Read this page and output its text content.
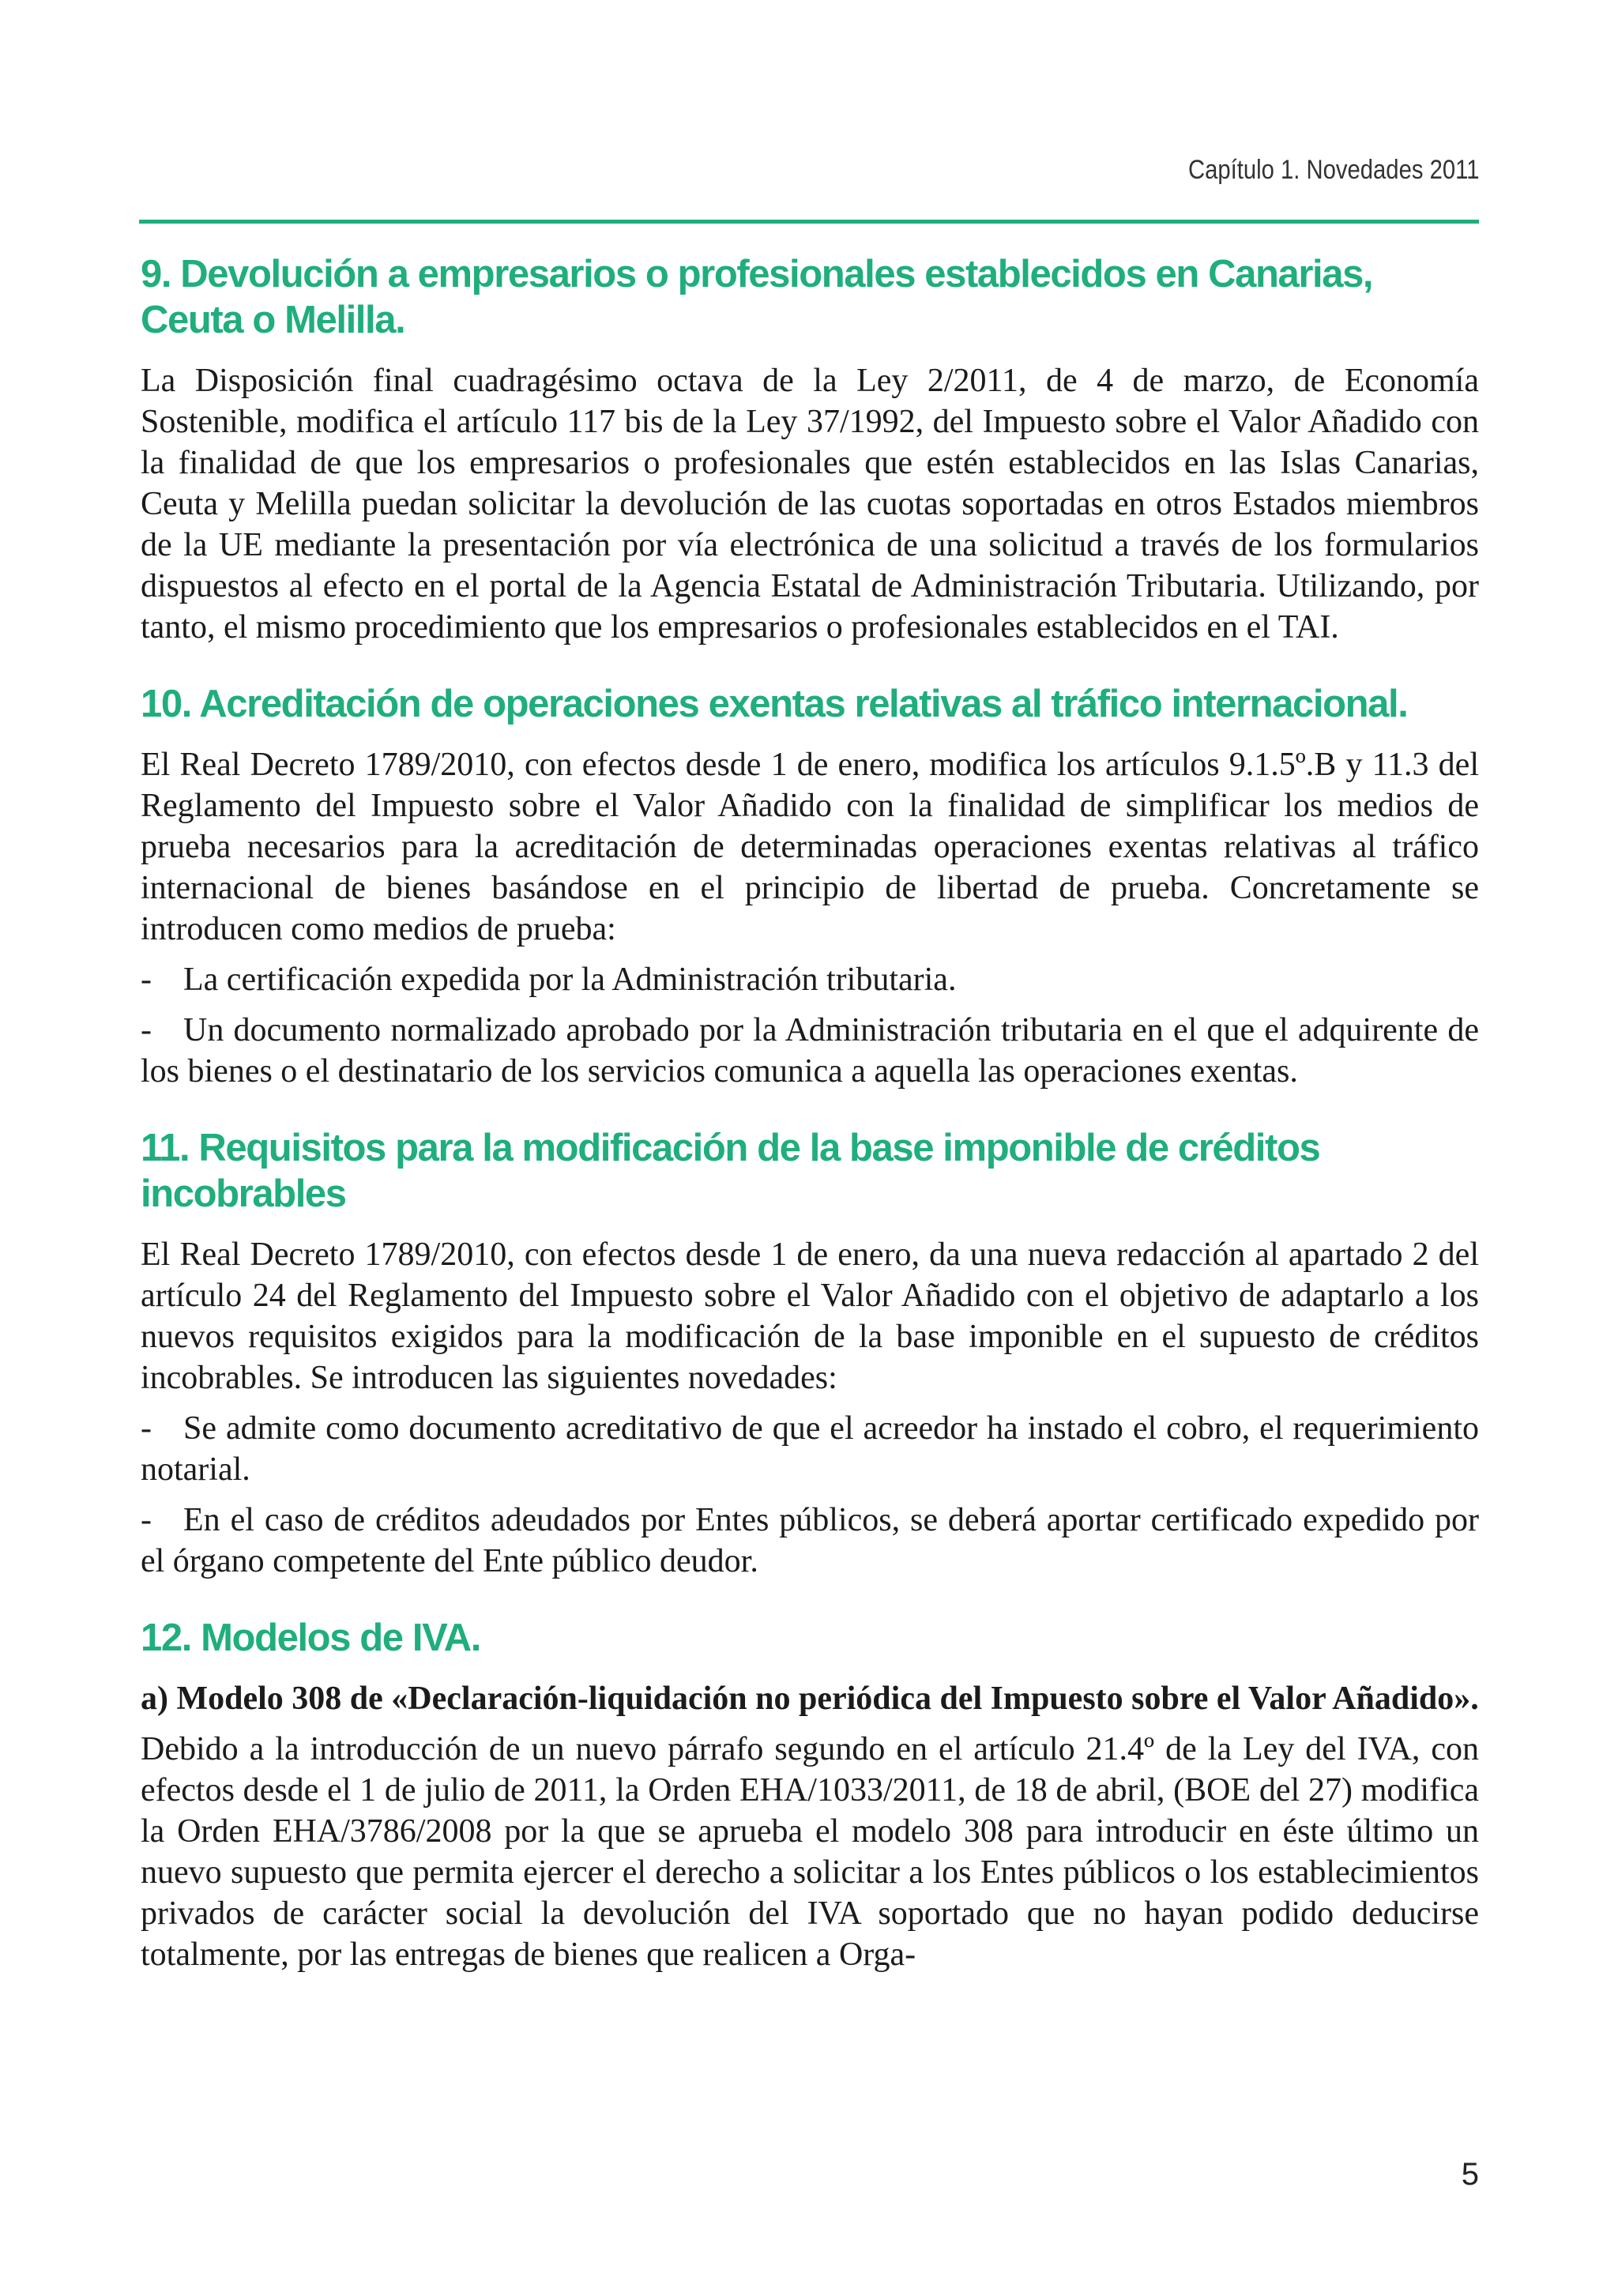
Capítulo 1. Novedades 2011
9. Devolución a empresarios o profesionales establecidos en Canarias, Ceuta o Melilla.

La Disposición final cuadragésimo octava de la Ley 2/2011, de 4 de marzo, de Economía Sostenible, modifica el artículo 117 bis de la Ley 37/1992, del Impuesto sobre el Valor Añadido con la finalidad de que los empresarios o profesionales que estén establecidos en las Islas Canarias, Ceuta y Melilla puedan solicitar la devolución de las cuotas soportadas en otros Estados miembros de la UE mediante la presentación por vía electrónica de una solicitud a través de los formularios dispuestos al efecto en el portal de la Agencia Estatal de Administración Tributaria. Utilizando, por tanto, el mismo procedimiento que los empresarios o profesionales establecidos en el TAI.

10. Acreditación de operaciones exentas relativas al tráfico internacional.

El Real Decreto 1789/2010, con efectos desde 1 de enero, modifica los artículos 9.1.5º.B y 11.3 del Reglamento del Impuesto sobre el Valor Añadido con la finalidad de simplificar los medios de prueba necesarios para la acreditación de determinadas operaciones exentas relativas al tráfico internacional de bienes basándose en el principio de libertad de prueba. Concretamente se introducen como medios de prueba:

- La certificación expedida por la Administración tributaria.

- Un documento normalizado aprobado por la Administración tributaria en el que el adquirente de los bienes o el destinatario de los servicios comunica a aquella las operaciones exentas.

11. Requisitos para la modificación de la base imponible de créditos incobrables

El Real Decreto 1789/2010, con efectos desde 1 de enero, da una nueva redacción al apartado 2 del artículo 24 del Reglamento del Impuesto sobre el Valor Añadido con el objetivo de adaptarlo a los nuevos requisitos exigidos para la modificación de la base imponible en el supuesto de créditos incobrables. Se introducen las siguientes novedades:

- Se admite como documento acreditativo de que el acreedor ha instado el cobro, el requerimiento notarial.

- En el caso de créditos adeudados por Entes públicos, se deberá aportar certificado expedido por el órgano competente del Ente público deudor.

12. Modelos de IVA.
a) Modelo 308 de «Declaración-liquidación no periódica del Impuesto sobre el Valor Añadido».

Debido a la introducción de un nuevo párrafo segundo en el artículo 21.4º de la Ley del IVA, con efectos desde el 1 de julio de 2011, la Orden EHA/1033/2011, de 18 de abril, (BOE del 27) modifica la Orden EHA/3786/2008 por la que se aprueba el modelo 308 para introducir en éste último un nuevo supuesto que permita ejercer el derecho a solicitar a los Entes públicos o los establecimientos privados de carácter social la devolución del IVA soportado que no hayan podido deducirse totalmente, por las entregas de bienes que realicen a Orga-

5
